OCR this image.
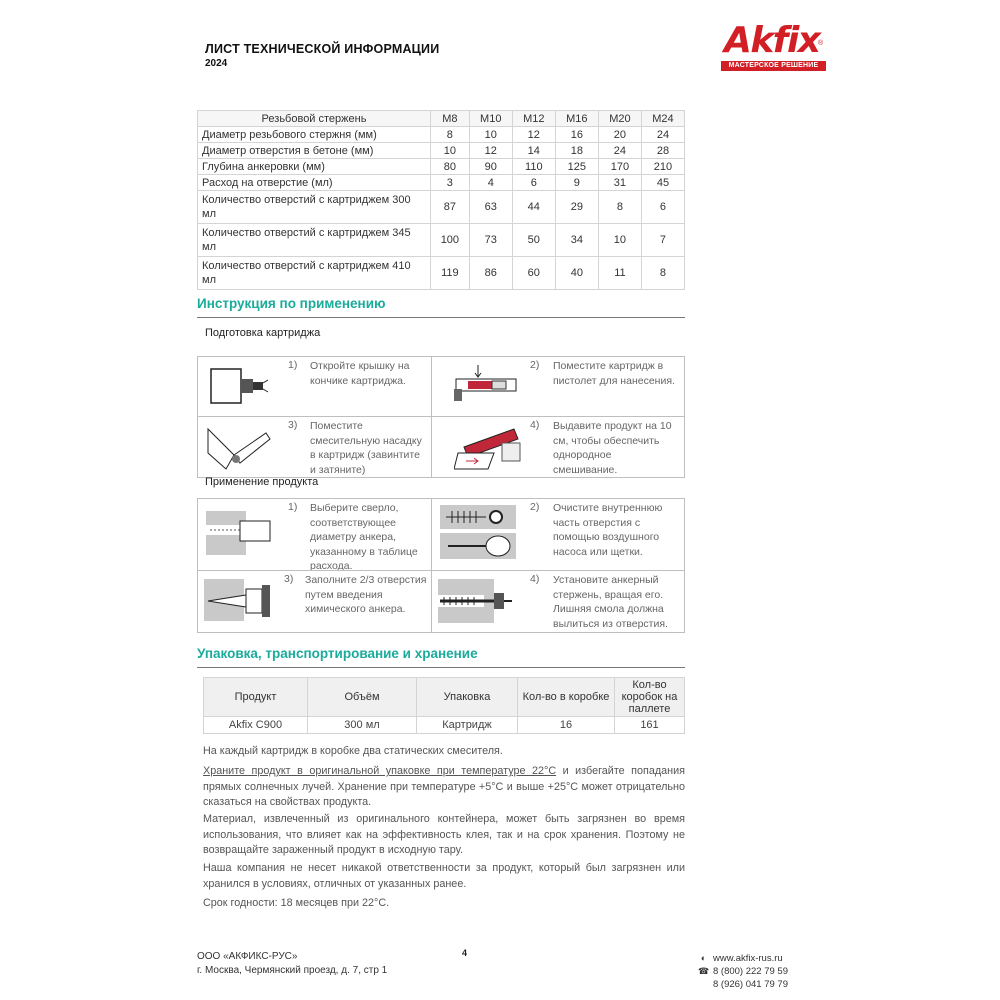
ЛИСТ ТЕХНИЧЕСКОЙ ИНФОРМАЦИИ
2024
Akfix
®
МАСТЕРСКОЕ РЕШЕНИЕ
Резьбовой стержень	M8	M10	M12	M16	M20	M24
Диаметр резьбового стержня (мм)	8	10	12	16	20	24
Диаметр отверстия в бетоне (мм)	10	12	14	18	24	28
Глубина анкеровки (мм)	80	90	110	125	170	210
Расход на отверстие (мл)	3	4	6	9	31	45
Количество отверстий с картриджем 300 мл	87	63	44	29	8	6
Количество отверстий с картриджем 345 мл	100	73	50	34	10	7
Количество отверстий с картриджем 410 мл	119	86	60	40	11	8
Инструкция по применению
Подготовка картриджа
1) Откройте крышку на кончике картриджа.
2) Поместите картридж в пистолет для нанесения.
3) Поместите смесительную насадку в картридж (завинтите и затяните)
4) Выдавите продукт на 10 см, чтобы обеспечить однородное смешивание.
Применение продукта
1) Выберите сверло, соответствующее диаметру анкера, указанному в таблице расхода.
2) Очистите внутреннюю часть отверстия с помощью воздушного насоса или щетки.
3) Заполните 2/3 отверстия путем введения химического анкера.
4) Установите анкерный стержень, вращая его. Лишняя смола должна вылиться из отверстия.
Упаковка, транспортирование и хранение
Продукт	Объём	Упаковка	Кол-во в коробке	Кол-во коробок на паллете
Akfix C900	300 мл	Картридж	16	161
На каждый картридж в коробке два статических смесителя.
Храните продукт в оригинальной упаковке при температуре 22°C и избегайте попадания прямых солнечных лучей. Хранение при температуре +5°C и выше +25°C может отрицательно сказаться на свойствах продукта.
Материал, извлеченный из оригинального контейнера, может быть загрязнен во время использования, что влияет как на эффективность клея, так и на срок хранения. Поэтому не возвращайте зараженный продукт в исходную тару.
Наша компания не несет никакой ответственности за продукт, который был загрязнен или хранился в условиях, отличных от указанных ранее.
Срок годности: 18 месяцев при 22°C.
ООО «АКФИКС-РУС»
г. Москва, Чермянский проезд, д. 7, стр 1
4	◐ www.akfix-rus.ru
☎ 8 (800) 222 79 59
8 (926) 041 79 79
